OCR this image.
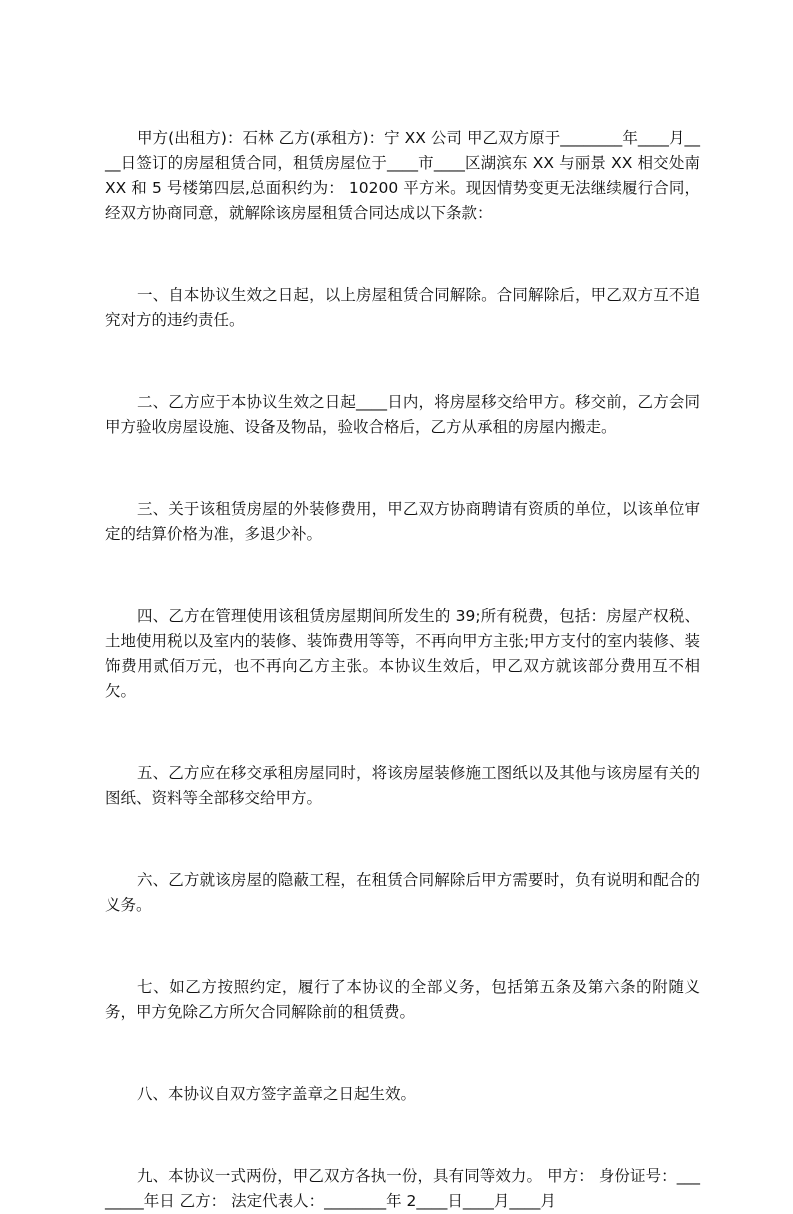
甲方(出租方)：石林 乙方(承租方)：宁 XX 公司 甲乙双方原于________年____月____日签订的房屋租赁合同，租赁房屋位于____市____区湖滨东 XX 与丽景 XX 相交处南 XX 和 5 号楼第四层,总面积约为： 10200 平方米。现因情势变更无法继续履行合同，经双方协商同意，就解除该房屋租赁合同达成以下条款：

一、自本协议生效之日起，以上房屋租赁合同解除。合同解除后，甲乙双方互不追究对方的违约责任。

二、乙方应于本协议生效之日起____日内，将房屋移交给甲方。移交前，乙方会同甲方验收房屋设施、设备及物品，验收合格后，乙方从承租的房屋内搬走。

三、关于该租赁房屋的外装修费用，甲乙双方协商聘请有资质的单位，以该单位审定的结算价格为准，多退少补。

四、乙方在管理使用该租赁房屋期间所发生的 39;所有税费，包括：房屋产权税、土地使用税以及室内的装修、装饰费用等等，不再向甲方主张;甲方支付的室内装修、装饰费用贰佰万元，也不再向乙方主张。本协议生效后，甲乙双方就该部分费用互不相欠。

五、乙方应在移交承租房屋同时，将该房屋装修施工图纸以及其他与该房屋有关的图纸、资料等全部移交给甲方。

六、乙方就该房屋的隐蔽工程，在租赁合同解除后甲方需要时，负有说明和配合的义务。

七、如乙方按照约定，履行了本协议的全部义务，包括第五条及第六条的附随义务，甲方免除乙方所欠合同解除前的租赁费。

八、本协议自双方签字盖章之日起生效。

九、本协议一式两份，甲乙双方各执一份，具有同等效力。 甲方： 身份证号：________年日 乙方： 法定代表人：________年 2____日____月____月
